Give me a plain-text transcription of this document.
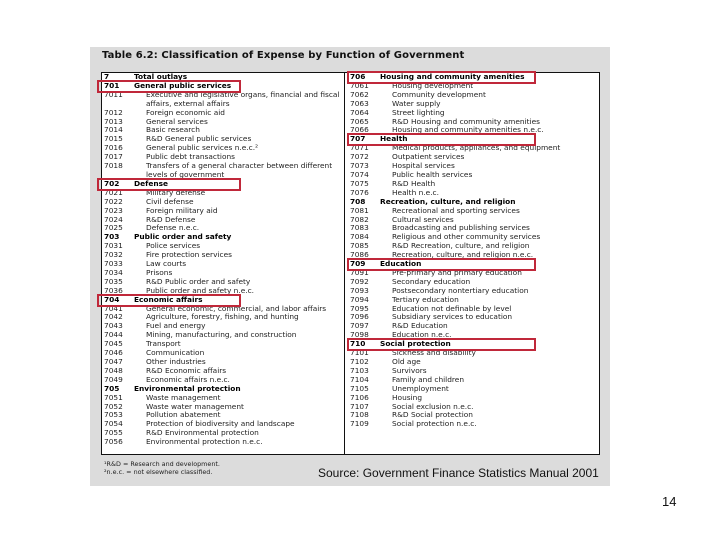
Table 6.2: Classification of Expense by Function of Government
7	Total outlays
701	General public services
7011	Executive and legislative organs, financial and fiscal affairs, external affairs
7012	Foreign economic aid
7013	General services
7014	Basic research
7015	R&D General public services
7016	General public services n.e.c.²
7017	Public debt transactions
7018	Transfers of a general character between different levels of government
702	Defense
7021	Military defense
7022	Civil defense
7023	Foreign military aid
7024	R&D Defense
7025	Defense n.e.c.
703	Public order and safety
7031	Police services
7032	Fire protection services
7033	Law courts
7034	Prisons
7035	R&D Public order and safety
7036	Public order and safety n.e.c.
704	Economic affairs
7041	General economic, commercial, and labor affairs
7042	Agriculture, forestry, fishing, and hunting
7043	Fuel and energy
7044	Mining, manufacturing, and construction
7045	Transport
7046	Communication
7047	Other industries
7048	R&D Economic affairs
7049	Economic affairs n.e.c.
705	Environmental protection
7051	Waste management
7052	Waste water management
7053	Pollution abatement
7054	Protection of biodiversity and landscape
7055	R&D Environmental protection
7056	Environmental protection n.e.c.
706	Housing and community amenities
7061	Housing development
7062	Community development
7063	Water supply
7064	Street lighting
7065	R&D Housing and community amenities
7066	Housing and community amenities n.e.c.
707	Health
7071	Medical products, appliances, and equipment
7072	Outpatient services
7073	Hospital services
7074	Public health services
7075	R&D Health
7076	Health n.e.c.
708	Recreation, culture, and religion
7081	Recreational and sporting services
7082	Cultural services
7083	Broadcasting and publishing services
7084	Religious and other community services
7085	R&D Recreation, culture, and religion
7086	Recreation, culture, and religion n.e.c.
709	Education
7091	Pre-primary and primary education
7092	Secondary education
7093	Postsecondary nontertiary education
7094	Tertiary education
7095	Education not definable by level
7096	Subsidiary services to education
7097	R&D Education
7098	Education n.e.c.
710	Social protection
7101	Sickness and disability
7102	Old age
7103	Survivors
7104	Family and children
7105	Unemployment
7106	Housing
7107	Social exclusion n.e.c.
7108	R&D Social protection
7109	Social protection n.e.c.
¹R&D = Research and development.
²n.e.c. = not elsewhere classified.	Source: Government Finance Statistics Manual 2001
14
